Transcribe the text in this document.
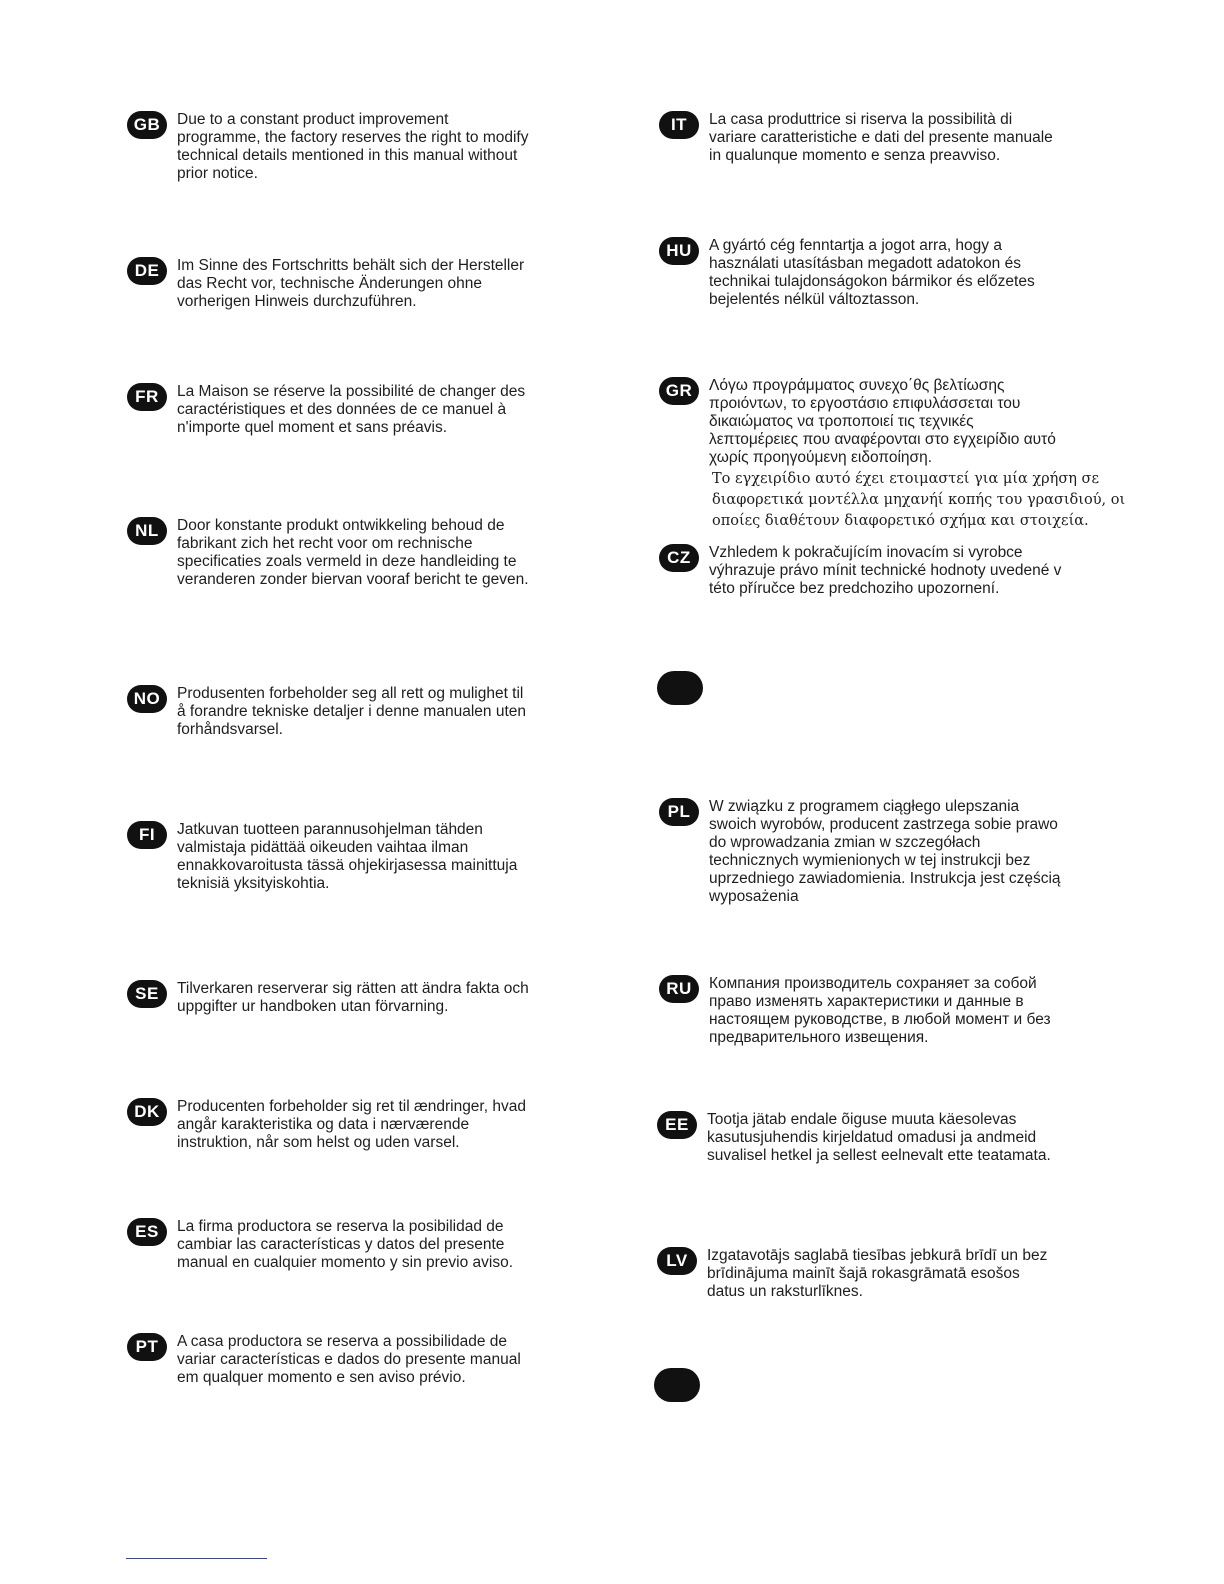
GB	Due to a constant product improvement
programme, the factory reserves the right to modify
technical details mentioned in this manual without
prior notice.
DE	Im Sinne des Fortschritts behält sich der Hersteller
das Recht vor, technische Änderungen ohne
vorherigen Hinweis durchzuführen.
FR	La Maison se réserve la possibilité de changer des
caractéristiques et des données de ce manuel à
n'importe quel moment et sans préavis.
NL	Door konstante produkt ontwikkeling behoud de
fabrikant zich het recht voor om rechnische
specificaties zoals vermeld in deze handleiding te
veranderen zonder biervan vooraf bericht te geven.
NO	Produsenten forbeholder seg all rett og mulighet til
å forandre tekniske detaljer i denne manualen uten
forhåndsvarsel.
FI	Jatkuvan tuotteen parannusohjelman tähden
valmistaja pidättää oikeuden vaihtaa ilman
ennakkovaroitusta tässä ohjekirjasessa mainittuja
teknisiä yksityiskohtia.
SE	Tilverkaren reserverar sig rätten att ändra fakta och
uppgifter ur handboken utan förvarning.
DK	Producenten forbeholder sig ret til ændringer, hvad
angår karakteristika og data i nærværende
instruktion, når som helst og uden varsel.
ES	La firma productora se reserva la posibilidad de
cambiar las características y datos del presente
manual en cualquier momento y sin previo aviso.
PT	A casa productora se reserva a possibilidade de
variar características e dados do presente manual
em qualquer momento e sen aviso prévio.
IT	La casa produttrice si riserva la possibilità di
variare caratteristiche e dati del presente manuale
in qualunque momento e senza preavviso.
HU	A gyártó cég fenntartja a jogot arra, hogy a
használati utasításban megadott adatokon és
technikai tulajdonságokon bármikor és előzetes
bejelentés nélkül változtasson.
GR	Λόγω προγράμματος συνεχο΄θς βελτίωσης
προιόντων, το εργοστάσιο επιφυλάσσεται του
δικαιώματος να τροποποιεί τις τεχνικές
λεπτομέρειες που αναφέρονται στο εγχειρίδιο αυτό
χωρίς προηγούμενη ειδοποίηση.
Το εγχειρίδιο αυτό έχει ετοιμαστεί για μία χρήση σε
διαφορετικά μοντέλλα μηχανήί κοπής του γρασιδιού, οι
οποίες διαθέτουν διαφορετικό σχήμα και στοιχεία.
CZ	Vzhledem k pokračujícím inovacím si vyrobce
výhrazuje právo mínit technické hodnoty uvedené v
této příručce bez predchoziho upozornení.
PL	W związku z programem ciągłego ulepszania
swoich wyrobów, producent zastrzega sobie prawo
do wprowadzania zmian w szczegółach
technicznych wymienionych w tej instrukcji bez
uprzedniego zawiadomienia. Instrukcja jest częścią
wyposażenia
RU	Компания производитель сохраняет за собой
право изменять характеристики и данные в
настоящем руководстве, в любой момент и без
предварительного извещения.
EE	Tootja jätab endale õiguse muuta käesolevas
kasutusjuhendis kirjeldatud omadusi ja andmeid
suvalisel hetkel ja sellest eelnevalt ette teatamata.
LV	Izgatavotājs saglabā tiesības jebkurā brīdī un bez
brīdinājuma mainīt šajā rokasgrāmatā esošos
datus un raksturlīknes.
